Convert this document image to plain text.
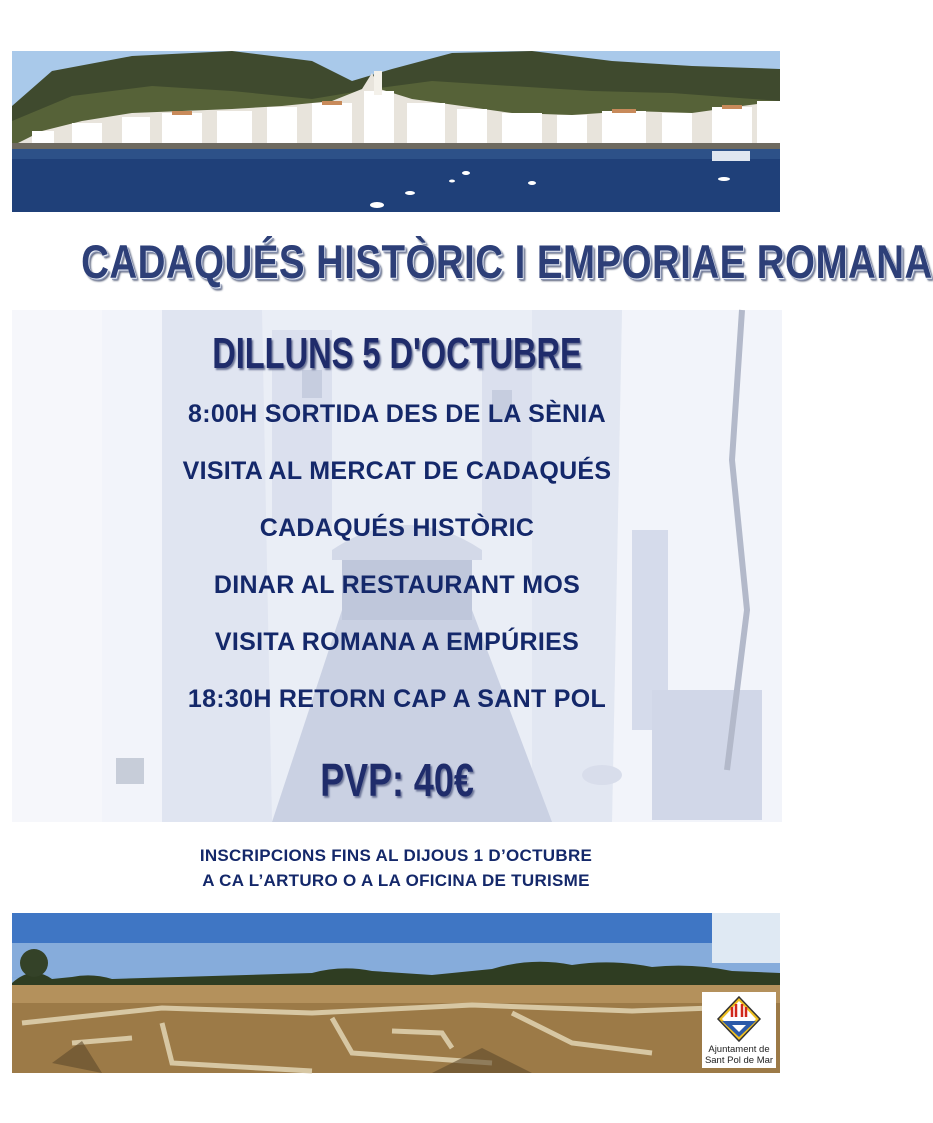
CADAQUÉS HISTÒRIC I EMPORIAE ROMANA
DILLUNS 5 D'OCTUBRE
8:00H SORTIDA DES DE LA SÈNIA
VISITA AL MERCAT DE CADAQUÉS
CADAQUÉS HISTÒRIC
DINAR AL RESTAURANT MOS
VISITA ROMANA A EMPÚRIES
18:30H RETORN CAP A SANT POL
PVP: 40€
INSCRIPCIONS FINS AL DIJOUS 1 D’OCTUBRE
A CA L’ARTURO O A LA OFICINA DE TURISME
Ajuntament de
Sant Pol de Mar
